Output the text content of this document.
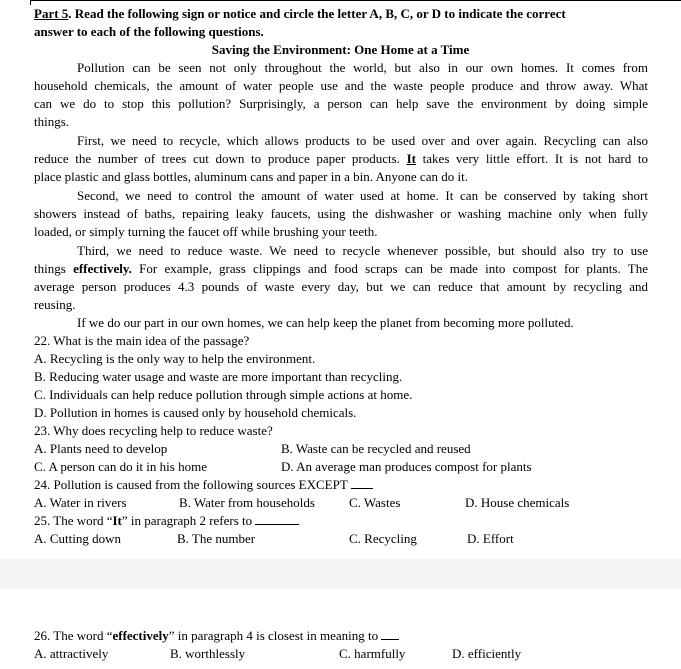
Part 5. Read the following sign or notice and circle the letter A, B, C, or D to indicate the correct
answer to each of the following questions.
Saving the Environment: One Home at a Time
Pollution can be seen not only throughout the world, but also in our own homes. It comes from
household chemicals, the amount of water people use and the waste people produce and throw away. What
can we do to stop this pollution? Surprisingly, a person can help save the environment by doing simple
things.
First, we need to recycle, which allows products to be used over and over again. Recycling can also
reduce the number of trees cut down to produce paper products. It takes very little effort. It is not hard to
place plastic and glass bottles, aluminum cans and paper in a bin. Anyone can do it.
Second, we need to control the amount of water used at home. It can be conserved by taking short
showers instead of baths, repairing leaky faucets, using the dishwasher or washing machine only when fully
loaded, or simply turning the faucet off while brushing your teeth.
Third, we need to reduce waste. We need to recycle whenever possible, but should also try to use
things effectively. For example, grass clippings and food scraps can be made into compost for plants. The
average person produces 4.3 pounds of waste every day, but we can reduce that amount by recycling and
reusing.
If we do our part in our own homes, we can help keep the planet from becoming more polluted.
22. What is the main idea of the passage?
A. Recycling is the only way to help the environment.
B. Reducing water usage and waste are more important than recycling.
C. Individuals can help reduce pollution through simple actions at home.
D. Pollution in homes is caused only by household chemicals.
23. Why does recycling help to reduce waste?
A. Plants need to develop	B. Waste can be recycled and reused
C. A person can do it in his home	D. An average man produces compost for plants
24. Pollution is caused from the following sources EXCEPT
A. Water in rivers	B. Water from households	C. Wastes	D. House chemicals
25. The word “It” in paragraph 2 refers to
A. Cutting down	B. The number	C. Recycling	D. Effort
26. The word “effectively” in paragraph 4 is closest in meaning to
A. attractively	B. worthlessly	C. harmfully	D. efficiently
